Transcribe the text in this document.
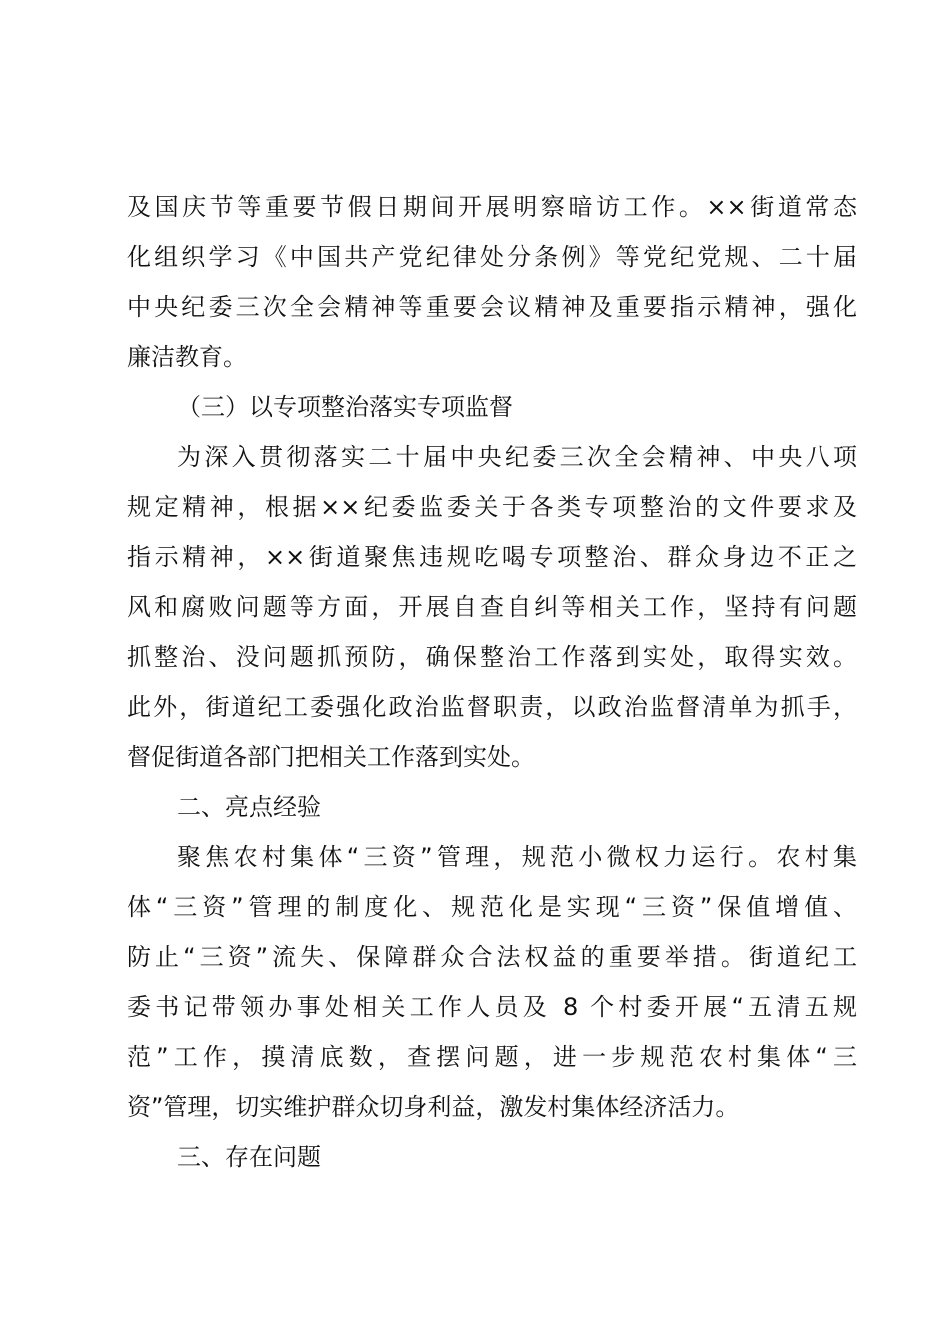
及国庆节等重要节假日期间开展明察暗访工作。××街道常态
化组织学习《中国共产党纪律处分条例》等党纪党规、二十届
中央纪委三次全会精神等重要会议精神及重要指示精神，强化
廉洁教育。
（三）以专项整治落实专项监督
为深入贯彻落实二十届中央纪委三次全会精神、中央八项
规定精神，根据××纪委监委关于各类专项整治的文件要求及
指示精神，××街道聚焦违规吃喝专项整治、群众身边不正之
风和腐败问题等方面，开展自查自纠等相关工作，坚持有问题
抓整治、没问题抓预防，确保整治工作落到实处，取得实效。
此外，街道纪工委强化政治监督职责，以政治监督清单为抓手，
督促街道各部门把相关工作落到实处。
二、亮点经验
聚焦农村集体“三资”管理，规范小微权力运行。农村集
体“三资”管理的制度化、规范化是实现“三资”保值增值、
防止“三资”流失、保障群众合法权益的重要举措。街道纪工
委书记带领办事处相关工作人员及 8 个村委开展“五清五规
范”工作，摸清底数，查摆问题，进一步规范农村集体“三
资”管理，切实维护群众切身利益，激发村集体经济活力。
三、存在问题
